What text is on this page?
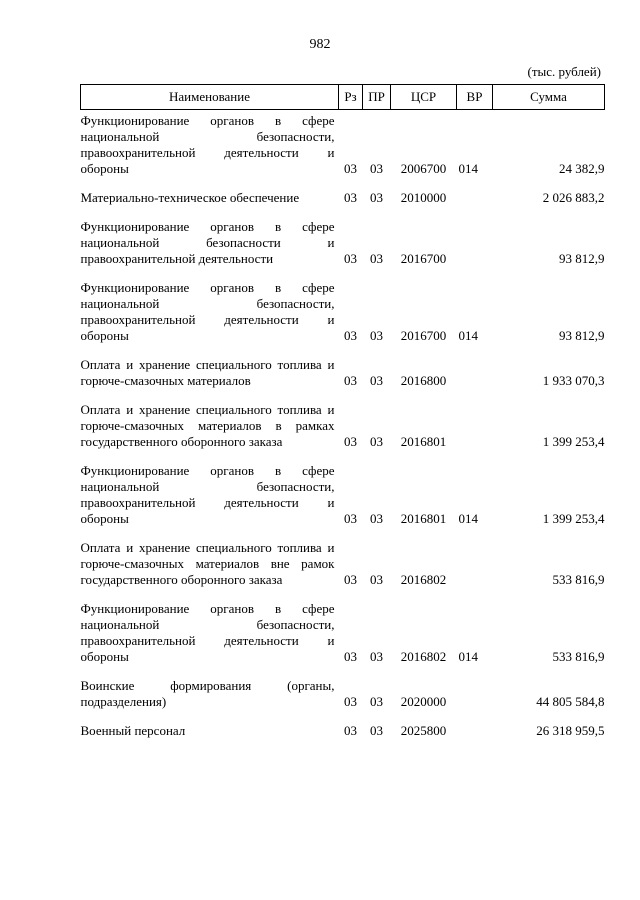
982
(тыс. рублей)
Наименование	Рз	ПР	ЦСР	ВР	Сумма
Функционирование органов в сфере национальной безопасности, правоохранительной деятельности и обороны	03	03	2006700	014	24 382,9

Материально-техническое обеспечение	03	03	2010000		2 026 883,2

Функционирование органов в сфере национальной безопасности и правоохранительной деятельности	03	03	2016700		93 812,9

Функционирование органов в сфере национальной безопасности, правоохранительной деятельности и обороны	03	03	2016700	014	93 812,9

Оплата и хранение специального топлива и горюче-смазочных материалов	03	03	2016800		1 933 070,3

Оплата и хранение специального топлива и горюче-смазочных материалов в рамках государственного оборонного заказа	03	03	2016801		1 399 253,4

Функционирование органов в сфере национальной безопасности, правоохранительной деятельности и обороны	03	03	2016801	014	1 399 253,4

Оплата и хранение специального топлива и горюче-смазочных материалов вне рамок государственного оборонного заказа	03	03	2016802		533 816,9

Функционирование органов в сфере национальной безопасности, правоохранительной деятельности и обороны	03	03	2016802	014	533 816,9

Воинские формирования (органы, подразделения)	03	03	2020000		44 805 584,8

Военный персонал	03	03	2025800		26 318 959,5
